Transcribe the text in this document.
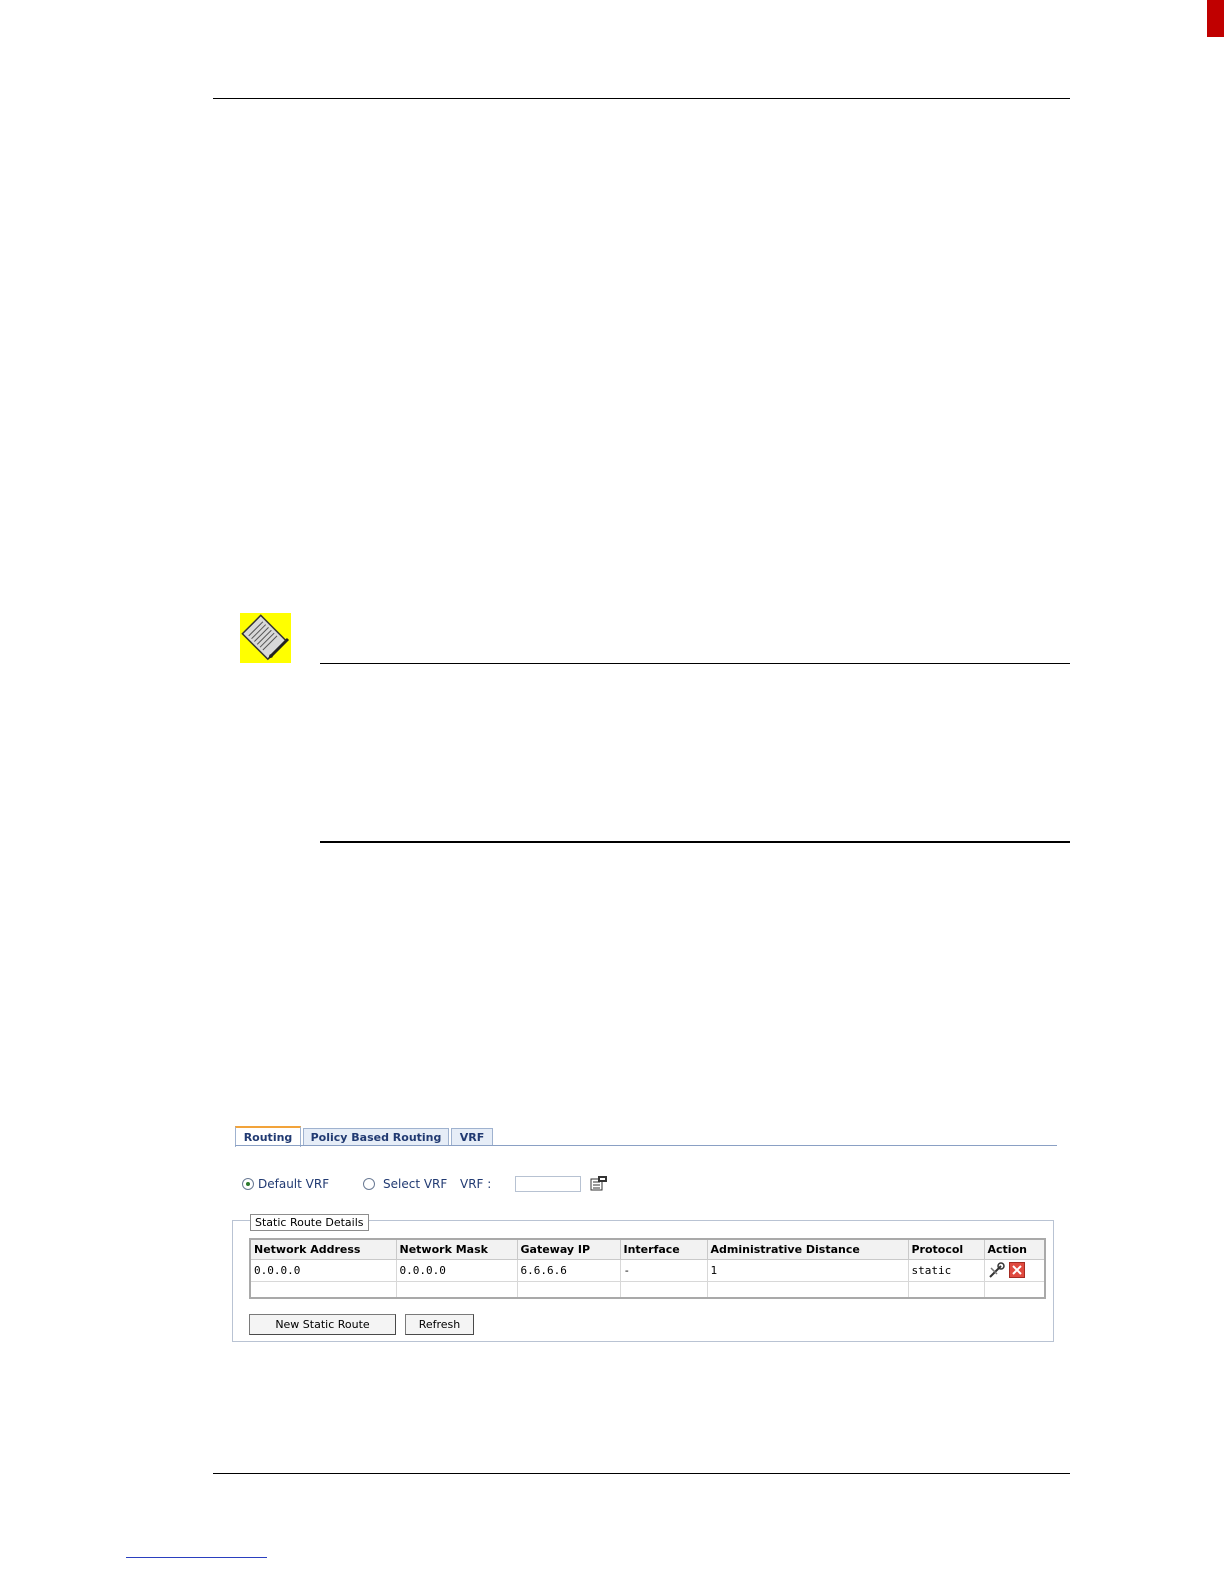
Routing	Policy Based Routing	VRF
Default VRF	Select VRF VRF :
Static Route Details
Network Address	Network Mask	Gateway IP	Interface	Administrative Distance	Protocol	Action
0.0.0.0	0.0.0.0	6.6.6.6	-	1	static	

New Static Route	Refresh
